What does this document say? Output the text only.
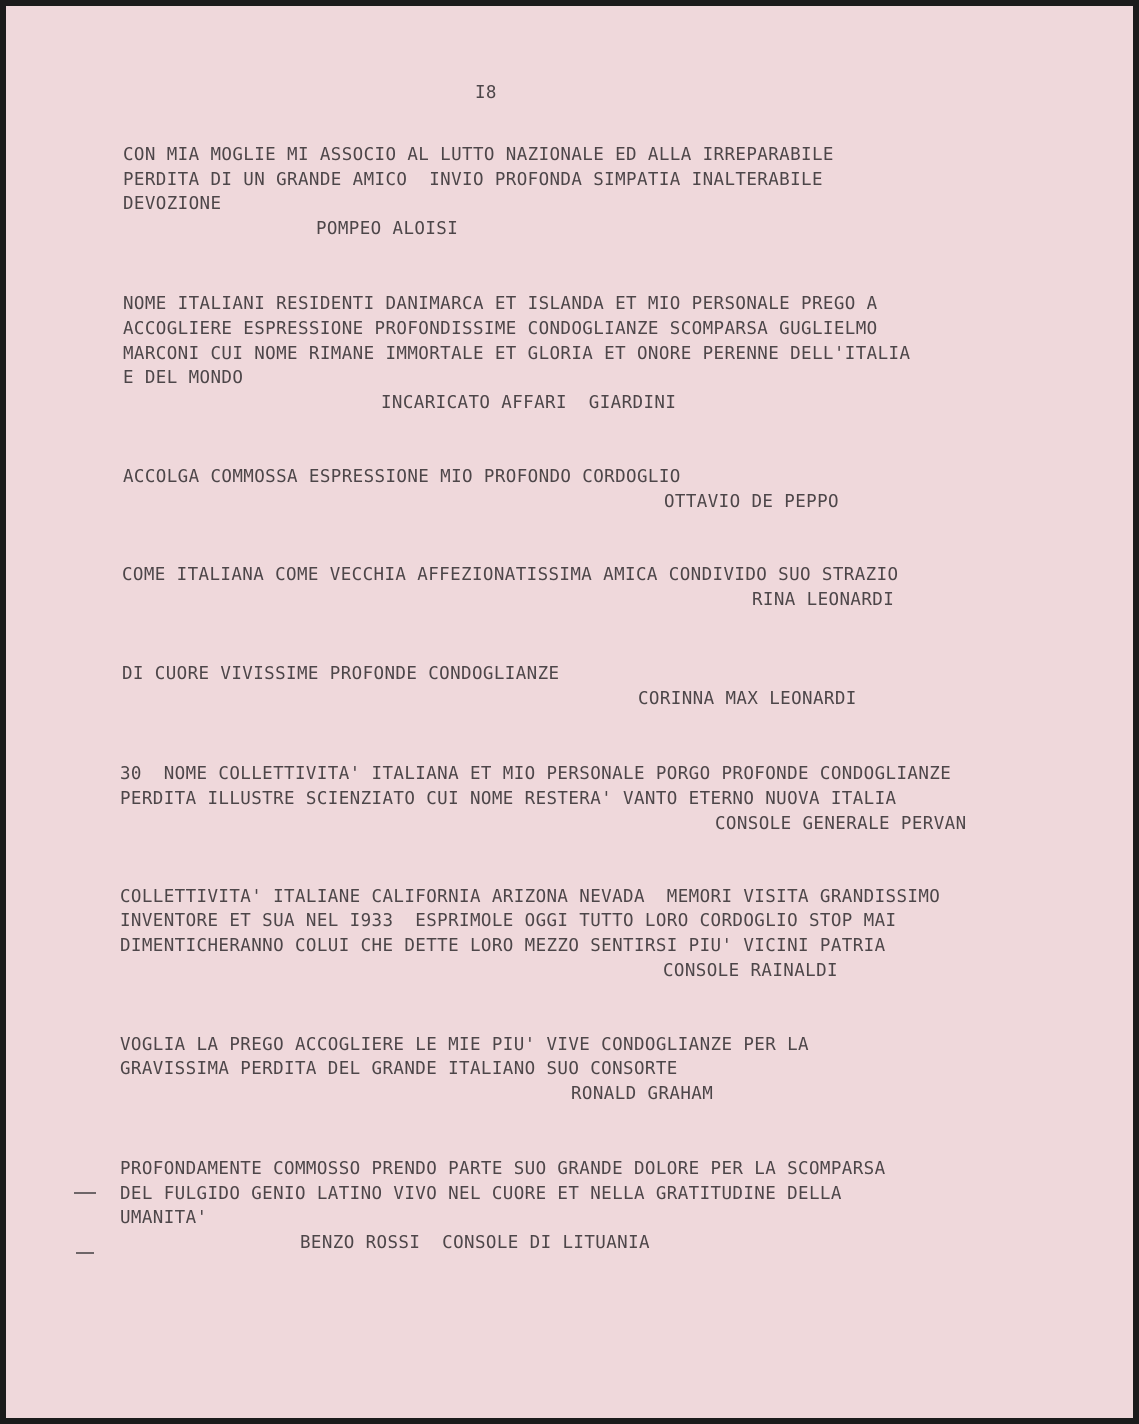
I8
CON MIA MOGLIE MI ASSOCIO AL LUTTO NAZIONALE ED ALLA IRREPARABILE
PERDITA DI UN GRANDE AMICO  INVIO PROFONDA SIMPATIA INALTERABILE
DEVOZIONE
POMPEO ALOISI
NOME ITALIANI RESIDENTI DANIMARCA ET ISLANDA ET MIO PERSONALE PREGO A
ACCOGLIERE ESPRESSIONE PROFONDISSIME CONDOGLIANZE SCOMPARSA GUGLIELMO
MARCONI CUI NOME RIMANE IMMORTALE ET GLORIA ET ONORE PERENNE DELL'ITALIA
E DEL MONDO
INCARICATO AFFARI  GIARDINI
ACCOLGA COMMOSSA ESPRESSIONE MIO PROFONDO CORDOGLIO
OTTAVIO DE PEPPO
COME ITALIANA COME VECCHIA AFFEZIONATISSIMA AMICA CONDIVIDO SUO STRAZIO
RINA LEONARDI
DI CUORE VIVISSIME PROFONDE CONDOGLIANZE
CORINNA MAX LEONARDI
30  NOME COLLETTIVITA' ITALIANA ET MIO PERSONALE PORGO PROFONDE CONDOGLIANZE
PERDITA ILLUSTRE SCIENZIATO CUI NOME RESTERA' VANTO ETERNO NUOVA ITALIA
CONSOLE GENERALE PERVAN
COLLETTIVITA' ITALIANE CALIFORNIA ARIZONA NEVADA  MEMORI VISITA GRANDISSIMO
INVENTORE ET SUA NEL I933  ESPRIMOLE OGGI TUTTO LORO CORDOGLIO STOP MAI
DIMENTICHERANNO COLUI CHE DETTE LORO MEZZO SENTIRSI PIU' VICINI PATRIA
CONSOLE RAINALDI
VOGLIA LA PREGO ACCOGLIERE LE MIE PIU' VIVE CONDOGLIANZE PER LA
GRAVISSIMA PERDITA DEL GRANDE ITALIANO SUO CONSORTE
RONALD GRAHAM
PROFONDAMENTE COMMOSSO PRENDO PARTE SUO GRANDE DOLORE PER LA SCOMPARSA
DEL FULGIDO GENIO LATINO VIVO NEL CUORE ET NELLA GRATITUDINE DELLA
UMANITA'
BENZO ROSSI  CONSOLE DI LITUANIA
